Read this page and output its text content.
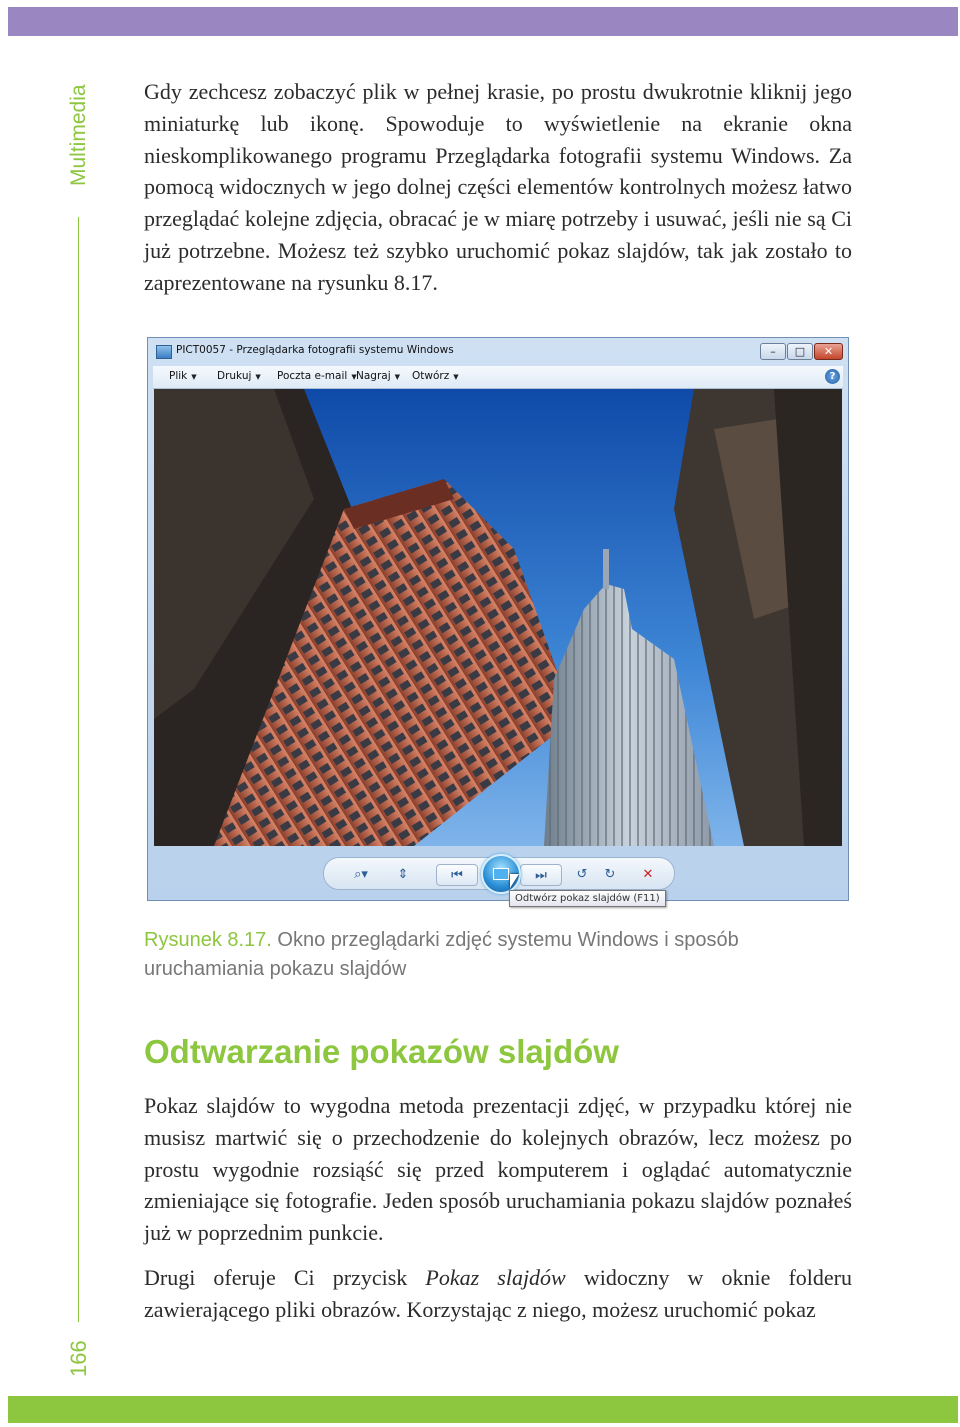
Multimedia
166

Gdy zechcesz zobaczyć plik w pełnej krasie, po prostu dwukrotnie kliknij jego miniaturkę lub ikonę. Spowoduje to wyświetlenie na ekranie okna nieskomplikowanego programu Przeglądarka fotografii systemu Windows. Za pomocą widocznych w jego dolnej części elementów kontrolnych możesz łatwo przeglądać kolejne zdjęcia, obracać je w miarę potrzeby i usuwać, jeśli nie są Ci już potrzebne. Możesz też szybko uruchomić pokaz slajdów, tak jak zostało to zaprezentowane na rysunku 8.17.

PICT0057 - Przeglądarka fotografii systemu Windows	– □ ✕
Plik ▼ Drukuj ▼ Poczta e-mail ▼ Nagraj ▼ Otwórz ▼	?
⌕▾ ⇕	⏮	⏭ ↺ ↻ ✕
Odtwórz pokaz slajdów (F11)

Rysunek 8.17. Okno przeglądarki zdjęć systemu Windows i sposób uruchamiania pokazu slajdów

Odtwarzanie pokazów slajdów

Pokaz slajdów to wygodna metoda prezentacji zdjęć, w przypadku której nie musisz martwić się o przechodzenie do kolejnych obrazów, lecz możesz po prostu wygodnie rozsiąść się przed komputerem i oglądać automatycznie zmieniające się fotografie. Jeden sposób uruchamiania pokazu slajdów poznałeś już w poprzednim punkcie.

Drugi oferuje Ci przycisk Pokaz slajdów widoczny w oknie folderu zawierającego pliki obrazów. Korzystając z niego, możesz uruchomić pokaz
